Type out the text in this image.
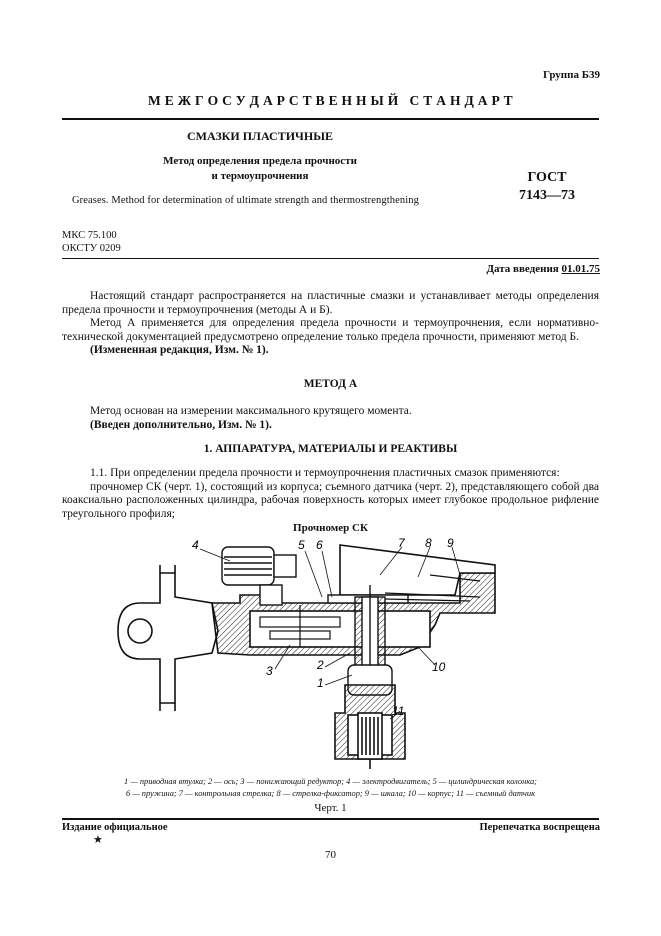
Группа Б39
М Е Ж Г О С У Д А Р С Т В Е Н Н Ы Й   С Т А Н Д А Р Т
СМАЗКИ ПЛАСТИЧНЫЕ
Метод определения предела прочности
и термоупрочнения
Greases. Method for determination of ultimate strength and thermostrengthening
ГОСТ
7143—73
МКС 75.100
ОКСТУ 0209
Дата введения 01.01.75

Настоящий стандарт распространяется на пластичные смазки и устанавливает методы определения предела прочности и термоупрочнения (методы А и Б).

Метод А применяется для определения предела прочности и термоупрочнения, если нормативно-технической документацией предусмотрено определение только предела прочности, применяют метод Б.

(Измененная редакция, Изм. № 1).

МЕТОД А

Метод основан на измерении максимального крутящего момента.

(Введен дополнительно, Изм. № 1).

1. АППАРАТУРА, МАТЕРИАЛЫ И РЕАКТИВЫ

1.1. При определении предела прочности и термоупрочнения пластичных смазок применяются:

прочномер СК (черт. 1), состоящий из корпуса; съемного датчика (черт. 2), представляющего собой два коаксиально расположенных цилиндра, рабочая поверхность которых имеет глубокое продольное рифление треугольного профиля;

Прочномер СК
4	5 6	7 8 9
3	2
1
10
11
1 — приводная втулка; 2 — ось; 3 — понижающий редуктор; 4 — электродвигатель; 5 — цилиндрическая колонка;
6 — пружина; 7 — контрольная стрелка; 8 — стрелка-фиксатор; 9 — шкала; 10 — корпус; 11 — съемный датчик
Черт. 1
Издание официальное
★
Перепечатка воспрещена
70
